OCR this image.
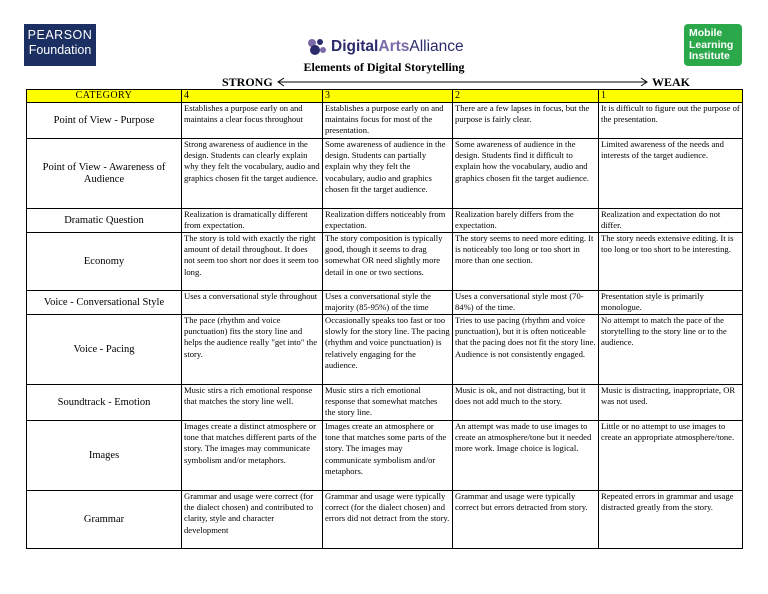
PEARSON
Foundation	Digital Arts Alliance
Mobile
Learning
Institute
Elements of Digital Storytelling
STRONG	WEAK
CATEGORY	4	3	2	1
Point of View - Purpose	Establishes a purpose early on and maintains a clear focus throughout	Establishes a purpose early on and maintains focus for most of the presentation.	There are a few lapses in focus, but the purpose is fairly clear.	It is difficult to figure out the purpose of the presentation.
Point of View - Awareness of Audience	Strong awareness of audience in the design. Students can clearly explain why they felt the vocabulary, audio and graphics chosen fit the target audience.	Some awareness of audience in the design. Students can partially explain why they felt the vocabulary, audio and graphics chosen fit the target audience.	Some awareness of audience in the design. Students find it difficult to explain how the vocabulary, audio and graphics chosen fit the target audience.	Limited awareness of the needs and interests of the target audience.
Dramatic Question	Realization is dramatically different from expectation.	Realization differs noticeably from expectation.	Realization barely differs from the expectation.	Realization and expectation do not differ.
Economy	The story is told with exactly the right amount of detail throughout. It does not seem too short nor does it seem too long.	The story composition is typically good, though it seems to drag somewhat OR need slightly more detail in one or two sections.	The story seems to need more editing. It is noticeably too long or too short in more than one section.	The story needs extensive editing. It is too long or too short to be interesting.
Voice - Conversational Style	Uses a conversational style throughout	Uses a conversational style the majority (85-95%) of the time	Uses a conversational style most (70-84%) of the time.	Presentation style is primarily monologue.
Voice - Pacing	The pace (rhythm and voice punctuation) fits the story line and helps the audience really "get into" the story.	Occasionally speaks too fast or too slowly for the story line. The pacing (rhythm and voice punctuation) is relatively engaging for the audience.	Tries to use pacing (rhythm and voice punctuation), but it is often noticeable that the pacing does not fit the story line. Audience is not consistently engaged.	No attempt to match the pace of the storytelling to the story line or to the audience.
Soundtrack - Emotion	Music stirs a rich emotional response that matches the story line well.	Music stirs a rich emotional response that somewhat matches the story line.	Music is ok, and not distracting, but it does not add much to the story.	Music is distracting, inappropriate, OR was not used.
Images	Images create a distinct atmosphere or tone that matches different parts of the story. The images may communicate symbolism and/or metaphors.	Images create an atmosphere or tone that matches some parts of the story. The images may communicate symbolism and/or metaphors.	An attempt was made to use images to create an atmosphere/tone but it needed more work. Image choice is logical.	Little or no attempt to use images to create an appropriate atmosphere/tone.
Grammar	Grammar and usage were correct (for the dialect chosen) and contributed to clarity, style and character development	Grammar and usage were typically correct (for the dialect chosen) and errors did not detract from the story.	Grammar and usage were typically correct but errors detracted from story.	Repeated errors in grammar and usage distracted greatly from the story.
